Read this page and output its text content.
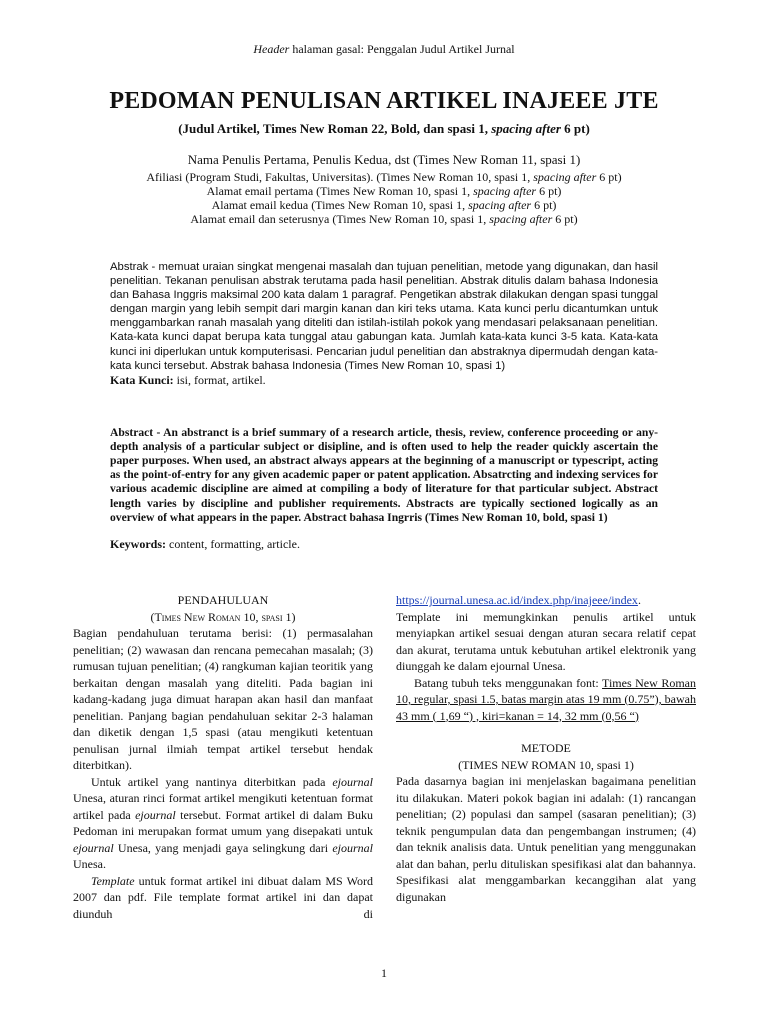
Header halaman gasal: Penggalan Judul Artikel Jurnal
PEDOMAN PENULISAN ARTIKEL INAJEEE JTE
(Judul Artikel, Times New Roman 22, Bold, dan spasi 1, spacing after 6 pt)
Nama Penulis Pertama, Penulis Kedua, dst (Times New Roman 11, spasi 1)
Afiliasi (Program Studi, Fakultas, Universitas). (Times New Roman 10, spasi 1, spacing after 6 pt)
Alamat email pertama (Times New Roman 10, spasi 1, spacing after 6 pt)
Alamat email kedua (Times New Roman 10, spasi 1, spacing after 6 pt)
Alamat email dan seterusnya (Times New Roman 10, spasi 1, spacing after 6 pt)

Abstrak - memuat uraian singkat mengenai masalah dan tujuan penelitian, metode yang digunakan, dan hasil penelitian. Tekanan penulisan abstrak terutama pada hasil penelitian. Abstrak ditulis dalam bahasa Indonesia dan Bahasa Inggris maksimal 200 kata dalam 1 paragraf. Pengetikan abstrak dilakukan dengan spasi tunggal dengan margin yang lebih sempit dari margin kanan dan kiri teks utama. Kata kunci perlu dicantumkan untuk menggambarkan ranah masalah yang diteliti dan istilah-istilah pokok yang mendasari pelaksanaan penelitian. Kata-kata kunci dapat berupa kata tunggal atau gabungan kata. Jumlah kata-kata kunci 3-5 kata. Kata-kata kunci ini diperlukan untuk komputerisasi. Pencarian judul penelitian dan abstraknya dipermudah dengan kata-kata kunci tersebut. Abstrak bahasa Indonesia (Times New Roman 10, spasi 1)

Kata Kunci: isi, format, artikel.

Abstract - An abstranct is a brief summary of a research article, thesis, review, conference proceeding or any-depth analysis of a particular subject or disipline, and is often used to help the reader quickly ascertain the paper purposes. When used, an abstract always appears at the beginning of a manuscript or typescript, acting as the point-of-entry for any given academic paper or patent application. Absatrcting and indexing services for various academic discipline are aimed at compiling a body of literature for that particular subject. Abstract length varies by discipline and publisher requirements. Abstracts are typically sectioned logically as an overview of what appears in the paper. Abstract bahasa Ingrris (Times New Roman 10, bold, spasi 1)

Keywords: content, formatting, article.

PENDAHULUAN

(Times New Roman 10, spasi 1)

Bagian pendahuluan terutama berisi: (1) permasalahan penelitian; (2) wawasan dan rencana pemecahan masalah; (3) rumusan tujuan penelitian; (4) rangkuman kajian teoritik yang berkaitan dengan masalah yang diteliti. Pada bagian ini kadang-kadang juga dimuat harapan akan hasil dan manfaat penelitian. Panjang bagian pendahuluan sekitar 2-3 halaman dan diketik dengan 1,5 spasi (atau mengikuti ketentuan penulisan jurnal ilmiah tempat artikel tersebut hendak diterbitkan).

Untuk artikel yang nantinya diterbitkan pada ejournal Unesa, aturan rinci format artikel mengikuti ketentuan format artikel pada ejournal tersebut. Format artikel di dalam Buku Pedoman ini merupakan format umum yang disepakati untuk ejournal Unesa, yang menjadi gaya selingkung dari ejournal Unesa.

Template untuk format artikel ini dibuat dalam MS Word 2007 dan pdf. File template format artikel ini dan dapat diunduh di

https://journal.unesa.ac.id/index.php/inajeee/index.

Template ini memungkinkan penulis artikel untuk menyiapkan artikel sesuai dengan aturan secara relatif cepat dan akurat, terutama untuk kebutuhan artikel elektronik yang diunggah ke dalam ejournal Unesa.

Batang tubuh teks menggunakan font: Times New Roman 10, regular, spasi 1.5, batas margin atas 19 mm (0.75”), bawah 43 mm ( 1,69 “) , kiri=kanan = 14, 32 mm (0,56 “)

METODE

(TIMES NEW ROMAN 10, spasi 1)

Pada dasarnya bagian ini menjelaskan bagaimana penelitian itu dilakukan. Materi pokok bagian ini adalah: (1) rancangan penelitian; (2) populasi dan sampel (sasaran penelitian); (3) teknik pengumpulan data dan pengembangan instrumen; (4) dan teknik analisis data. Untuk penelitian yang menggunakan alat dan bahan, perlu dituliskan spesifikasi alat dan bahannya. Spesifikasi alat menggambarkan kecanggihan alat yang digunakan

1
